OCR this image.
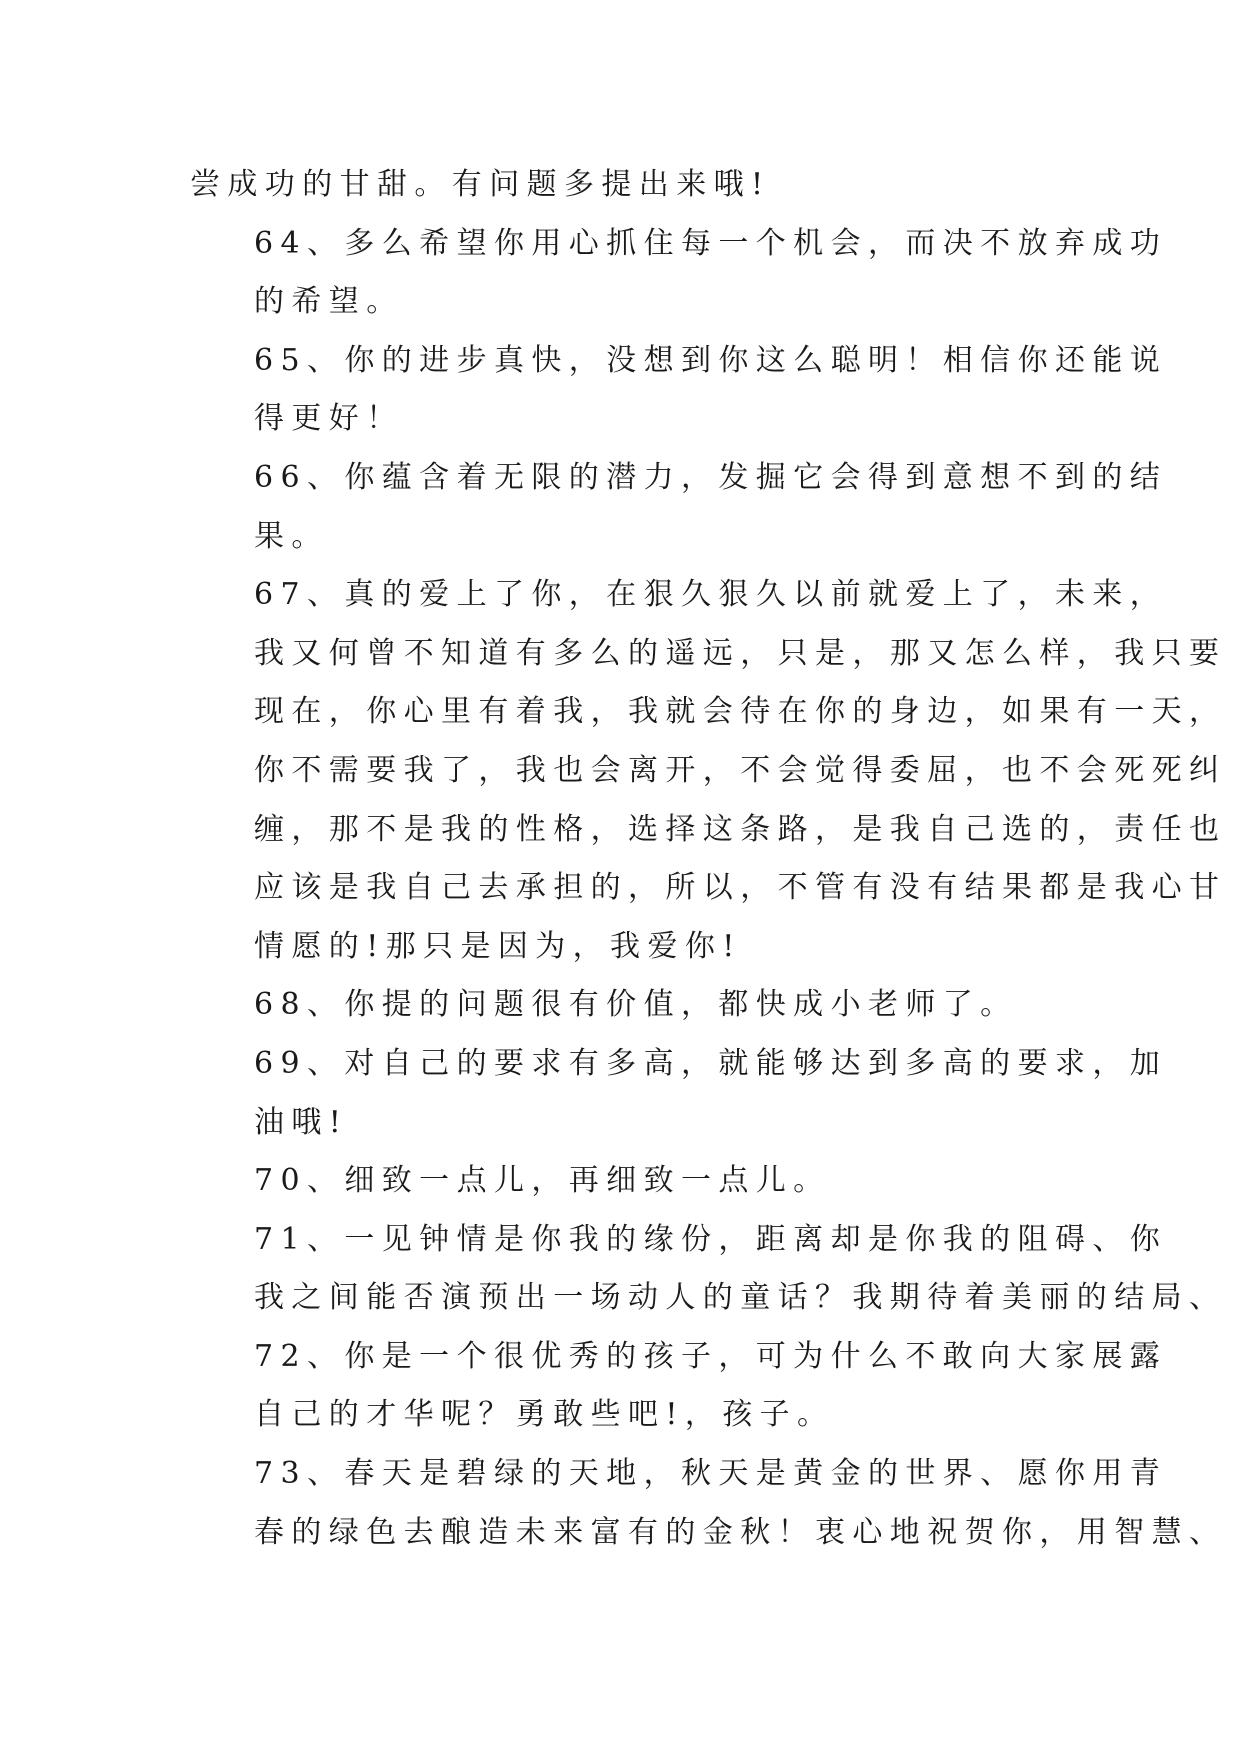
尝成功的甘甜。有问题多提出来哦!

64、多么希望你用心抓住每一个机会，而决不放弃成功
的希望。

65、你的进步真快，没想到你这么聪明！相信你还能说
得更好！

66、你蕴含着无限的潜力，发掘它会得到意想不到的结
果。

67、真的爱上了你，在狠久狠久以前就爱上了，未来，
我又何曾不知道有多么的遥远，只是，那又怎么样，我只要
现在，你心里有着我，我就会待在你的身边，如果有一天，
你不需要我了，我也会离开，不会觉得委屈，也不会死死纠
缠，那不是我的性格，选择这条路，是我自己选的，责任也
应该是我自己去承担的，所以，不管有没有结果都是我心甘
情愿的!那只是因为，我爱你!

68、你提的问题很有价值，都快成小老师了。

69、对自己的要求有多高，就能够达到多高的要求，加
油哦!

70、细致一点儿，再细致一点儿。

71、一见钟情是你我的缘份，距离却是你我的阻碍、你
我之间能否演预出一场动人的童话？我期待着美丽的结局、

72、你是一个很优秀的孩子，可为什么不敢向大家展露
自己的才华呢？勇敢些吧!，孩子。

73、春天是碧绿的天地，秋天是黄金的世界、愿你用青
春的绿色去酿造未来富有的金秋！衷心地祝贺你，用智慧、
